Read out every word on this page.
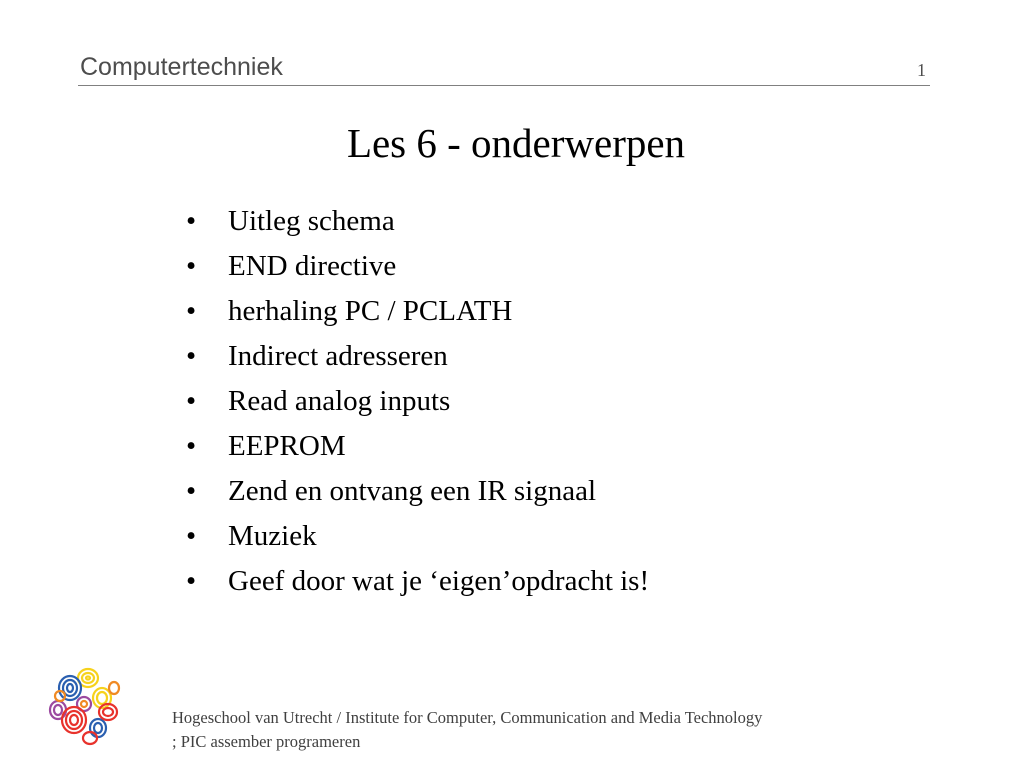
Computertechniek	1
Les 6 - onderwerpen
•	Uitleg schema
•	END directive
•	herhaling PC / PCLATH
•	Indirect adresseren
•	Read analog inputs
•	EEPROM
•	Zend en ontvang een IR signaal
•	Muziek
•	Geef door wat je ‘eigen’opdracht is!
Hogeschool van Utrecht / Institute for Computer, Communication and Media Technology
; PIC assember programeren
